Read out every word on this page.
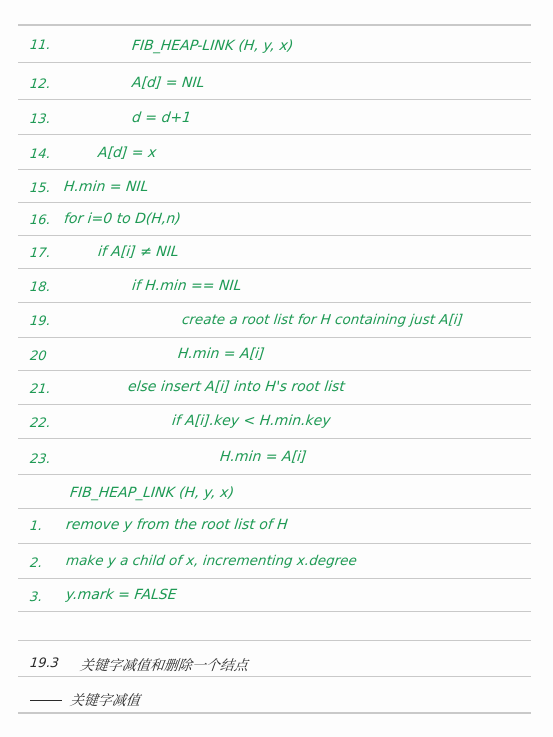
11.	FIB_HEAP-LINK (H, y, x)
12.	A[d] = NIL
13.	d = d+1
14.	A[d] = x
15. H.min = NIL
16. for i=0 to D(H,n)
17.	if A[i] ≠ NIL
18.	if H.min == NIL
19.	create a root list for H containing just A[i]
20	H.min = A[i]
21.	else insert A[i] into H's root list
22.	if A[i].key < H.min.key
23.	H.min = A[i]
FIB_HEAP_LINK (H, y, x)
1. remove y from the root list of H
2. make y a child of x, incrementing x.degree
3. y.mark = FALSE
19.3 关键字减值和删除一个结点
关键字减值
